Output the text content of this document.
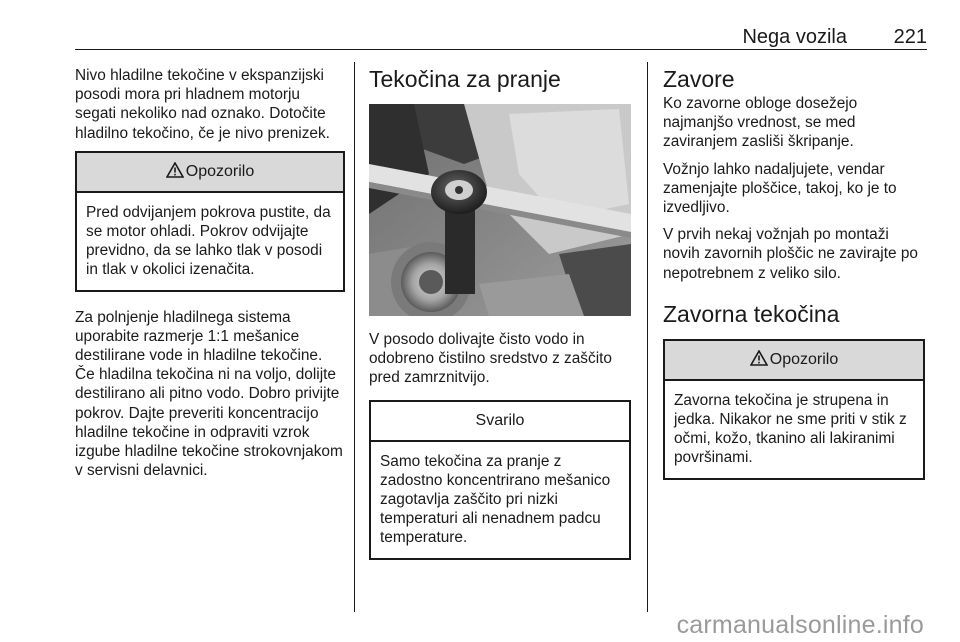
Nega vozila 221

Nivo hladilne tekočine v ekspanzijski posodi mora pri hladnem motorju segati nekoliko nad oznako. Dotočite hladilno tekočino, če je nivo prenizek.

Opozorilo
Pred odvijanjem pokrova pustite, da se motor ohladi. Pokrov odvijajte previdno, da se lahko tlak v posodi in tlak v okolici izenačita.

Za polnjenje hladilnega sistema uporabite razmerje 1:1 mešanice destilirane vode in hladilne tekočine. Če hladilna tekočina ni na voljo, dolijte destilirano ali pitno vodo. Dobro privijte pokrov. Dajte preveriti koncentracijo hladilne tekočine in odpraviti vzrok izgube hladilne tekočine strokovnjakom v servisni delavnici.

Tekočina za pranje

V posodo dolivajte čisto vodo in odobreno čistilno sredstvo z zaščito pred zamrznitvijo.

Svarilo
Samo tekočina za pranje z zadostno koncentrirano mešanico zagotavlja zaščito pri nizki temperaturi ali nenadnem padcu temperature.
Zavore

Ko zavorne obloge dosežejo najmanjšo vrednost, se med zaviranjem zasliši škripanje.

Vožnjo lahko nadaljujete, vendar zamenjajte ploščice, takoj, ko je to izvedljivo.

V prvih nekaj vožnjah po montaži novih zavornih ploščic ne zavirajte po nepotrebnem z veliko silo.

Zavorna tekočina
Opozorilo
Zavorna tekočina je strupena in jedka. Nikakor ne sme priti v stik z očmi, kožo, tkanino ali lakiranimi površinami.
carmanualsonline.info
